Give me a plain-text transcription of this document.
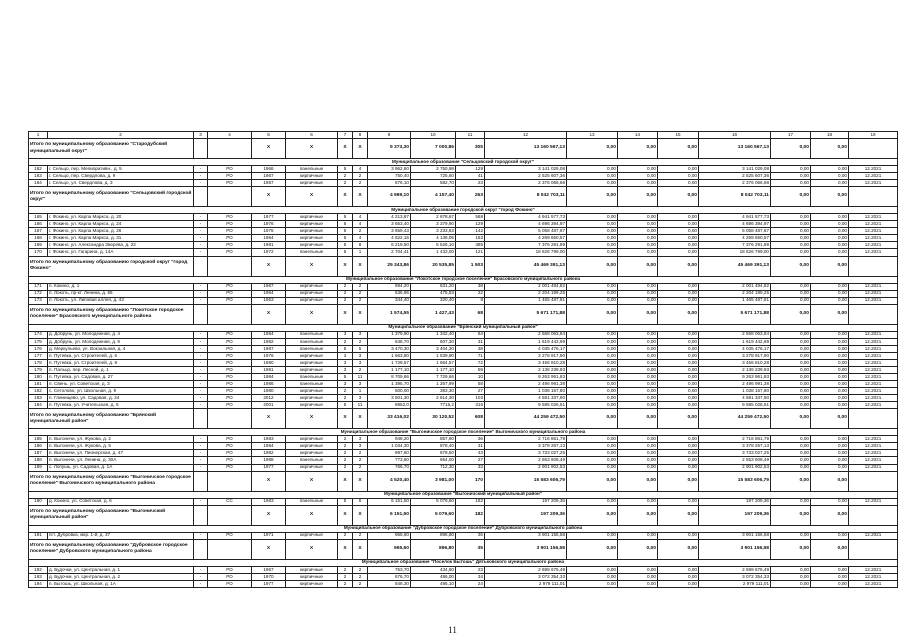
1	2	3	4	5	6	7	8	9	10	11	12	13	14	15	16	17	18	19
Итого по муниципальному образованию "Стародубский муниципальный округ"				X	X	X	X	9 373,30	7 000,86	305	13 160 567,13	0,00	0,00	0,00	13 160 567,13	0,00	0,00	
Муниципальное образование "Сельцовский городской округ"																		
162	г. Сельцо, пер. Мелиоративн., д. 5	-	РО	1966	панельные	5	4	3 962,60	2 750,98	129	3 141 029,08	0,00	0,00	0,00	3 141 029,08	0,00	0,00	12.2021
163	г. Сельцо, пер. Свердлова, д. 9	-	РО	1967	кирпичные	2	2	750,40	725,60	41	2 525 607,36	0,00	0,00	0,00	2 525 607,36	0,00	0,00	12.2021
164	г. Сельцо, ул. Свердлова, д. 3	-	РО	1957	кирпичные	2	2	676,10	582,70	23	2 376 066,68	0,00	0,00	0,00	2 376 066,68	0,00	0,00	12.2021
Итого по муниципальному образованию "Сельцовский городской округ"				X	X	X	X	4 989,10	4 157,40	263	8 042 703,11	0,00	0,00	0,00	8 042 703,11	0,00	0,00	
Муниципальное образование городской округ "город Фокино"																		
165	г. Фокино, ул. Карла Маркса, д. 20	-	РО	1977	кирпичные	5	4	4 213,87	2 678,67	568	4 941 577,73	0,00	0,00	0,00	4 941 577,73	0,00	0,00	12.2021
166	г. Фокино, ул. Карла Маркса, д. 24	-	РО	1976	кирпичные	5	4	3 653,40	3 379,90	129	4 696 394,97	0,00	0,00	0,00	4 696 394,97	0,00	0,00	12.2021
167	г. Фокино, ул. Карла Маркса, д. 26	-	РО	1975	кирпичные	5	2	3 659,43	3 233,63	142	5 058 487,67	0,00	0,00	0,00	5 058 487,67	0,00	0,00	12.2021
168	г. Фокино, ул. Карла Маркса, д. 31	-	РО	1964	кирпичные	5	4	4 622,15	4 136,05	163	4 269 650,57	0,00	0,00	0,00	4 269 650,57	0,00	0,00	12.2021
169	г. Фокино, ул. Александра Зверева, д. 22	-	РО	1981	кирпичные	5	8	6 219,50	5 526,10	385	7 376 291,89	0,00	0,00	0,00	7 376 291,89	0,00	0,00	12.2021
170	г. Фокино, ул. Гагарина, д. 14А	-	РО	1972	панельные	5	1	2 704,41	1 433,00	121	18 626 799,00	0,00	0,00	0,00	18 626 799,00	0,00	0,00	12.2021
Итого по муниципальному образованию городской округ "город Фокино"				X	X	X	X	25 343,86	20 535,85	1 503	45 469 391,13	0,00	0,00	0,00	45 469 391,13	0,00	0,00	
Муниципальное образование "Локотское городское поселение" Брасовского муниципального района																		
171	п. Кокино, д. 1	-	РО	1967	кирпичные	2	2	694,20	631,20	38	2 001 484,82	0,00	0,00	0,00	2 001 484,82	0,00	0,00	12.2021
172	п. Локоть, пр-кт. Ленина, д. 65	-	РО	1964	кирпичные	2	2	535,95	475,83	22	2 204 199,25	0,00	0,00	0,00	2 204 199,25	0,00	0,00	12.2021
173	п. Локоть, ул. Липовая аллея, д. 43	-	РО	1963	кирпичные	2	2	344,40	320,40	8	1 465 487,81	0,00	0,00	0,00	1 465 487,81	0,00	0,00	12.2021
Итого по муниципальному образованию "Локотское городское поселение" Брасовского муниципального района				X	X	X	X	1 574,55	1 427,43	68	5 671 171,88	0,00	0,00	0,00	5 671 171,88	0,00	0,00	
Муниципальное образование "Брянский муниципальный район"																		
174	д. Добрунь, ул. Молодежная, д. 4	-	РО	1984	панельные	3	3	1 379,90	1 342,40	64	2 568 063,84	0,00	0,00	0,00	2 568 063,84	0,00	0,00	12.2021
175	д. Добрунь, ул. Молодежная, д. 9	-	РО	1982	панельные	2	2	648,70	607,30	31	1 619 442,69	0,00	0,00	0,00	1 619 442,69	0,00	0,00	12.2021
176	д. Меркульево, ул. Вокзальная, д. 4	-	РО	1987	панельные	5	5	3 470,30	3 404,30	38	4 035 476,17	0,00	0,00	0,00	4 035 476,17	0,00	0,00	12.2021
177	п. Путевка, ул. Строителей, д. 6	-	РО	1976	кирпичные	3	3	1 663,80	1 539,90	71	3 278 917,90	0,00	0,00	0,00	3 278 917,90	0,00	0,00	12.2021
178	п. Путевка, ул. Строителей, д. 9	-	РО	1980	кирпичные	3	3	1 729,57	1 664,57	72	3 456 810,28	0,00	0,00	0,00	3 456 810,28	0,00	0,00	12.2021
179	п. Пальцо, пер. Лесной, д. 1	-	РО	1981	кирпичные	3	2	1 177,10	1 177,10	59	2 136 239,93	0,00	0,00	0,00	2 136 239,93	0,00	0,00	12.2021
180	п. Путевка, ул. Садовая, д. 27	-	РО	1984	панельные	5	11	8 709,66	7 729,66	10	9 263 961,83	0,00	0,00	0,00	9 263 961,83	0,00	0,00	12.2021
181	п. Свень, ул. Советская, д. 3	-	РО	1986	панельные	3	3	1 395,70	1 267,99	58	2 496 991,38	0,00	0,00	0,00	2 496 991,38	0,00	0,00	12.2021
182	с. Сетолово, ул. Школьная, д. 9	-	РО	1980	кирпичные	2	1	500,00	383,30	27	1 038 157,80	0,00	0,00	0,00	1 038 157,80	0,00	0,00	12.2021
183	п. Глинищево, ул. Садовая, д. 24	-	РО	2012	кирпичные	2	3	3 501,30	2 614,30	103	4 581 337,90	0,00	0,00	0,00	4 581 337,90	0,00	0,00	12.2021
184	п. Путевка, ул. Учительская, д. 5	-	РО	2001	кирпичные	5	11	8952,0	7716,2	316	9 585 026,51	0,00	0,00	0,00	9 585 026,51	0,00	0,00	12.2021
Итого по муниципальному образованию "Брянский муниципальный район"				X	X	X	X	33 416,02	30 120,52	608	44 259 472,50	0,00	0,00	0,00	44 259 472,50	0,00	0,00	
Муниципальное образование "Выгоничское городское поселение" Выгоничского муниципального района																		
185	п. Выгоничи, ул. Жукова, д. 2	-	РО	1983	кирпичные	2	3	948,20	857,90	36	2 716 861,79	0,00	0,00	0,00	2 716 861,79	0,00	0,00	12.2021
186	п. Выгоничи, ул. Жукова, д. 5	-	РО	1984	кирпичные	2	3	1 034,30	878,40	31	3 378 267,13	0,00	0,00	0,00	3 378 267,13	0,00	0,00	12.2021
187	п. Выгоничи, ул. Пионерская, д. 47	-	РО	1982	кирпичные	2	2	997,60	878,50	43	3 733 027,25	0,00	0,00	0,00	3 733 027,25	0,00	0,00	12.2021
188	п. Выгоничи, ул. Ленина, д. 30А	-	РО	1988	панельные	2	2	773,60	654,00	27	2 553 608,49	0,00	0,00	0,00	2 553 608,49	0,00	0,00	12.2021
189	с. Лопушь, ул. Садовая, д. 1А	-	РО	1977	кирпичные	2	2	766,70	712,30	33	2 901 902,53	0,00	0,00	0,00	2 901 902,53	0,00	0,00	12.2021
Итого по муниципальному образованию "Выгоничское городское поселение" Выгоничского муниципального района				X	X	X	X	4 520,40	3 981,00	170	15 583 606,79	0,00	0,00	0,00	15 583 606,79	0,00	0,00	
Муниципальное образование "Выгоничский муниципальный район"																		
190	д. Кокино, ул. Советская, д. 6	-	СС	1983	панельные	5	6	6 151,50	5 079,60	182	197 209,36	0,00	0,00	0,00	197 209,36	0,00	0,00	12.2021
Итого по муниципальному образованию "Выгоничский муниципальный район"				X	X	X	X	6 151,50	5 079,60	182	197 209,36	0,00	0,00	0,00	197 209,36	0,00	0,00	
Муниципальное образование "Дубровское городское поселение" Дубровского муниципального района																		
191	пгт. Дубровка, мкр. 1-й, д. 37	-	РО	1971	кирпичные	2	2	965,60	896,80	35	3 901 156,58	0,00	0,00	0,00	3 901 156,58	0,00	0,00	12.2021
Итого по муниципальному образованию "Дубровское городское поселение" Дубровского муниципального района				X	X	X	X	965,60	896,80	35	3 901 156,58	0,00	0,00	0,00	3 901 156,58	0,00	0,00	
Муниципальное образование "Поселок Бытошь" Дятьковского муниципального района																		
192	д. Будочки, ул. Центральная, д. 1	-	РО	1967	кирпичные	2	2	753,70	434,60	23	2 699 675,49	0,00	0,00	0,00	2 699 675,49	0,00	0,00	12.2021
193	д. Будочки, ул. Центральная, д. 2	-	РО	1970	кирпичные	2	2	676,70	486,00	34	3 072 354,33	0,00	0,00	0,00	3 072 354,33	0,00	0,00	12.2021
194	п. Бытошь, ул. Школьная, д. 1А	-	РО	1977	кирпичные	2	2	848,30	495,10	24	2 979 111,01	0,00	0,00	0,00	2 979 111,01	0,00	0,00	12.2021
11
